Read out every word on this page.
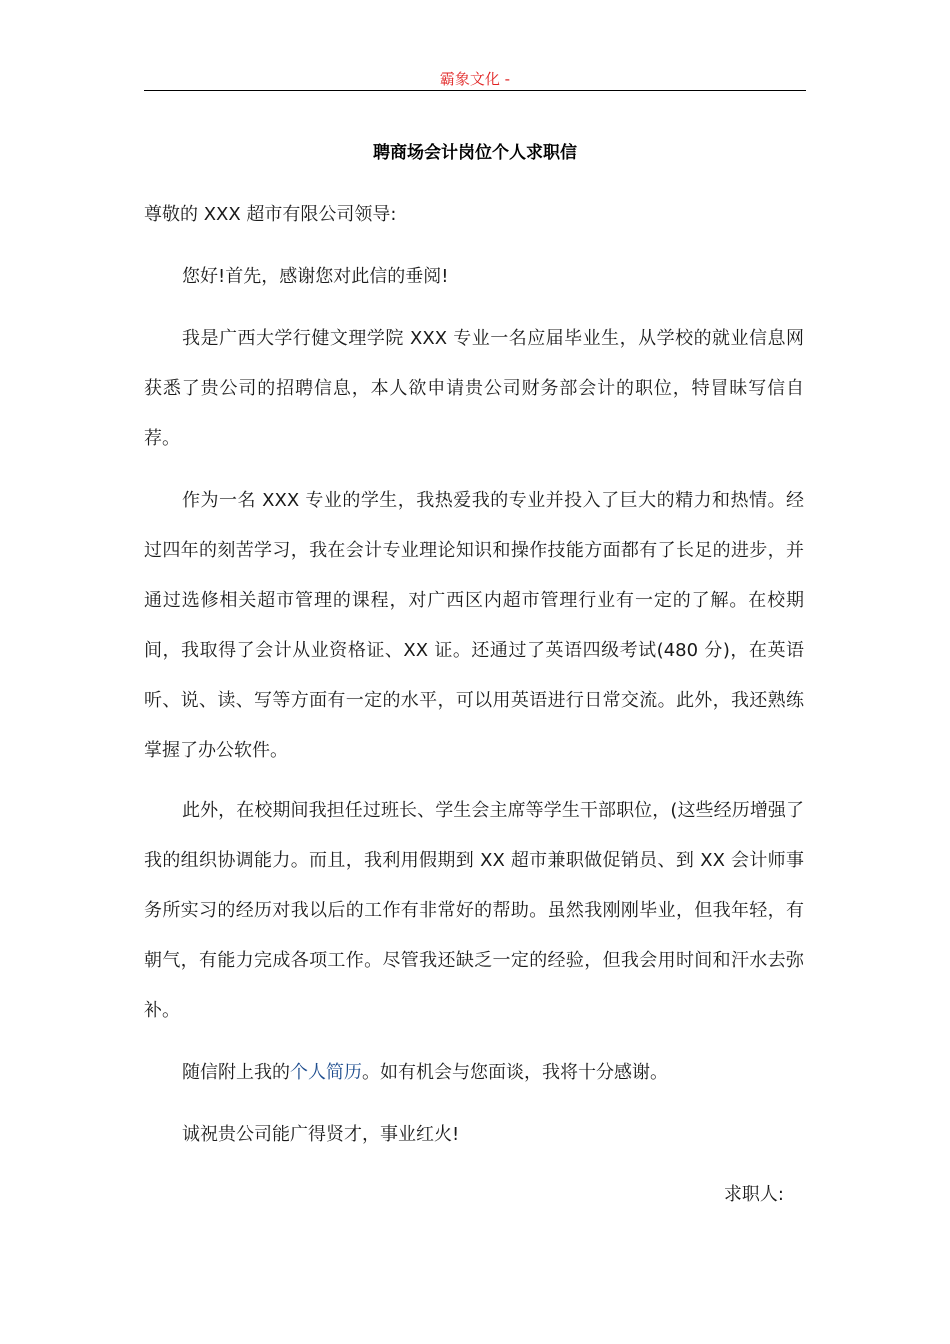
霸象文化 -
聘商场会计岗位个人求职信
尊敬的 XXX 超市有限公司领导:
您好!首先，感谢您对此信的垂阅!
我是广西大学行健文理学院 XXX 专业一名应届毕业生，从学校的就业信息网获悉了贵公司的招聘信息，本人欲申请贵公司财务部会计的职位，特冒昧写信自荐。
作为一名 XXX 专业的学生，我热爱我的专业并投入了巨大的精力和热情。经过四年的刻苦学习，我在会计专业理论知识和操作技能方面都有了长足的进步，并通过选修相关超市管理的课程，对广西区内超市管理行业有一定的了解。在校期间，我取得了会计从业资格证、XX 证。还通过了英语四级考试(480 分)，在英语听、说、读、写等方面有一定的水平，可以用英语进行日常交流。此外，我还熟练掌握了办公软件。
此外，在校期间我担任过班长、学生会主席等学生干部职位，(这些经历增强了我的组织协调能力。而且，我利用假期到 XX 超市兼职做促销员、到 XX 会计师事务所实习的经历对我以后的工作有非常好的帮助。虽然我刚刚毕业，但我年轻，有朝气，有能力完成各项工作。尽管我还缺乏一定的经验，但我会用时间和汗水去弥补。
随信附上我的个人简历。如有机会与您面谈，我将十分感谢。
诚祝贵公司能广得贤才，事业红火!
求职人:
